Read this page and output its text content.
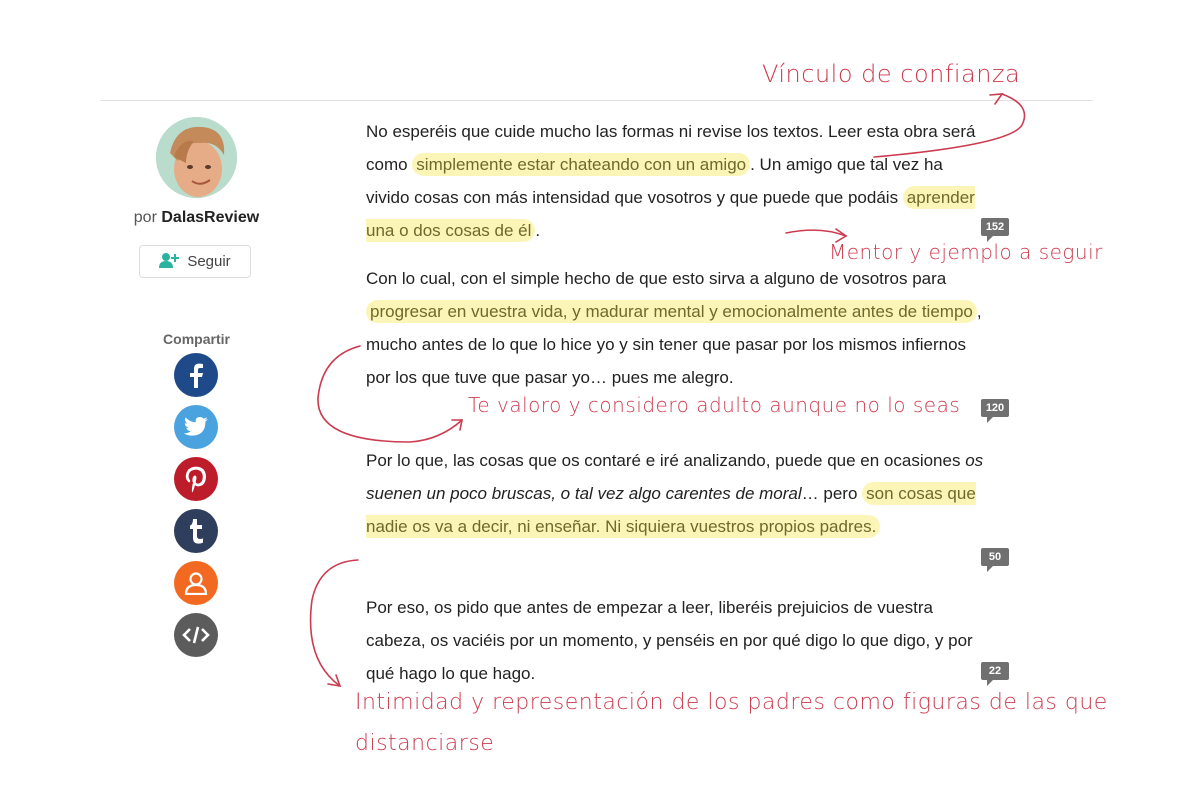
por DalasReview
Seguir
Compartir

No esperéis que cuide mucho las formas ni revise los textos. Leer esta obra será como simplemente estar chateando con un amigo . Un amigo que tal vez ha vivido cosas con más intensidad que vosotros y que puede que podáis aprender una o dos cosas de él .	152

Con lo cual, con el simple hecho de que esto sirva a alguno de vosotros para progresar en vuestra vida, y madurar mental y emocionalmente antes de tiempo , mucho antes de lo que lo hice yo y sin tener que pasar por los mismos infiernos por los que tuve que pasar yo… pues me alegro.

120

Por lo que, las cosas que os contaré e iré analizando, puede que en ocasiones os suenen un poco bruscas, o tal vez algo carentes de moral… pero son cosas que nadie os va a decir, ni enseñar. Ni siquiera vuestros propios padres.

50

Por eso, os pido que antes de empezar a leer, liberéis prejuicios de vuestra cabeza, os vaciéis por un momento, y penséis en por qué digo lo que digo, y por qué hago lo que hago.	22
Vínculo de confianza
Mentor y ejemplo a seguir
Te valoro y considero adulto aunque no lo seas
Intimidad y representación de los padres como figuras de las que
distanciarse
